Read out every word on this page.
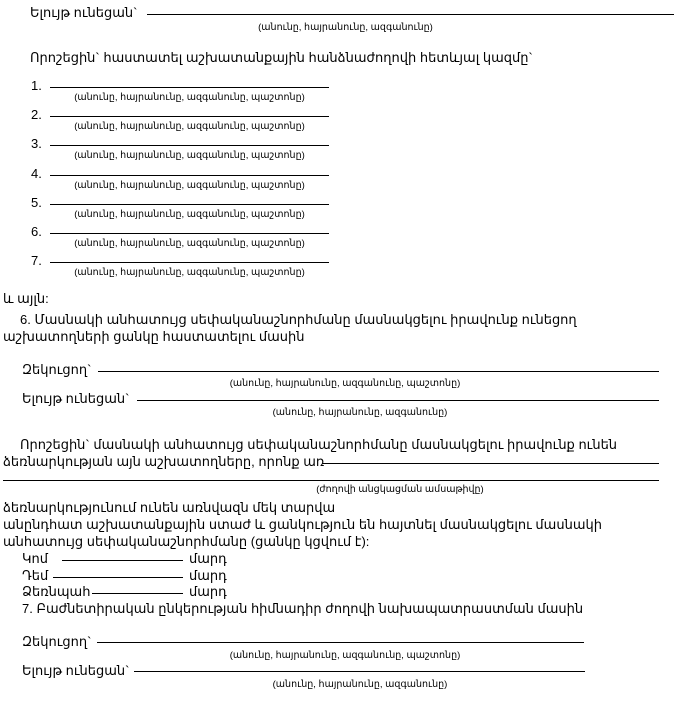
Ելույթ ունեցան`
(անունը, հայրանունը, ազգանունը)
Որոշեցին` հաստատել աշխատանքային հանձնաժողովի հետևյալ կազմը`
1.
(անունը, հայրանունը, ազգանունը, պաշտոնը)
2.
(անունը, հայրանունը, ազգանունը, պաշտոնը)
3.
(անունը, հայրանունը, ազգանունը, պաշտոնը)
4.
(անունը, հայրանունը, ազգանունը, պաշտոնը)
5.
(անունը, հայրանունը, ազգանունը, պաշտոնը)
6.
(անունը, հայրանունը, ազգանունը, պաշտոնը)
7.
(անունը, հայրանունը, ազգանունը, պաշտոնը)
և այլն:
6. Մասնակի անհատույց սեփականաշնորհմանը մասնակցելու իրավունք ունեցող
աշխատողների ցանկը հաստատելու մասին
Զեկուցող`
(անունը, հայրանունը, ազգանունը, պաշտոնը)
Ելույթ ունեցան`
(անունը, հայրանունը, ազգանունը)
Որոշեցին` մասնակի անհատույց սեփականաշնորհմանը մասնակցելու իրավունք ունեն
ձեռնարկության այն աշխատողները, որոնք առ
(ժողովի անցկացման ամսաթիվը)
ձեռնարկությունում ունեն առնվազն մեկ տարվա
անընդհատ աշխատանքային ստաժ և ցանկություն են հայտնել մասնակցելու մասնակի
անհատույց սեփականաշնորհմանը (ցանկը կցվում է):
Կոմ	մարդ
Դեմ	մարդ
Ձեռնպահ	մարդ
7. Բաժնետիրական ընկերության հիմնադիր ժողովի նախապատրաստման մասին
Զեկուցող`
(անունը, հայրանունը, ազգանունը, պաշտոնը)
Ելույթ ունեցան`
(անունը, հայրանունը, ազգանունը)
